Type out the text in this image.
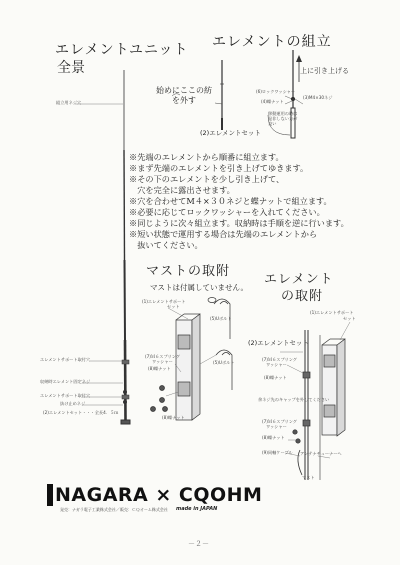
エレメントユニット
全景
エレメントの組立
上に引き上げる
始めにここの紡
を外す
(2)エレメントセット
(6)ロックワッシャー
(4)蝶ナット
(3)M4×30ネジ
移動運用の時は
是非しない方が
良い
組立用ネジ穴
エレメントサポート取付穴
収納時エレメント固定ネジ
エレメントサポート取付穴
抜け止めネジ
(2)エレメントセット・・・全長4．５ｍ
※先端のエレメントから順番に組立ます。
※まず先端のエレメントを引き上げてゆきます。
※その下のエレメントを少し引き上げて、
　穴を完全に露出させます。
※穴を合わせてM４×３０ネジと蝶ナットで組立ます。
※必要に応じてロックワッシャーを入れてください。
※同じように次々組立ます。収納時は手順を逆に行います。
※短い状態で運用する場合は先端のエレメントから
　抜いてください。
マストの取附
マストは付属していません。
(1)エレメントサポート
セット
(5)Uボルト
(7)Ｍ６スプリング
ワッシャー
(8)蝶ナット
(5)Uボルト
(8)蝶ナット
エレメント
の取附
(1)エレメントサポート
セット
(2)エレメントセット
(7)Ｍ６スプリング
ワッシャー
(8)蝶ナット
余ネジ先のキャップを外してください
(7)Ｍ６スプリング
ワッシャー
(8)蝶ナット
(9)同軸ケーブル アンテナチューナーへ
マスト
NAGARA × CQOHM
made in JAPAN
発売：ナガラ電子工業株式会社／販売：ＣＱオーム株式会社
－２－
